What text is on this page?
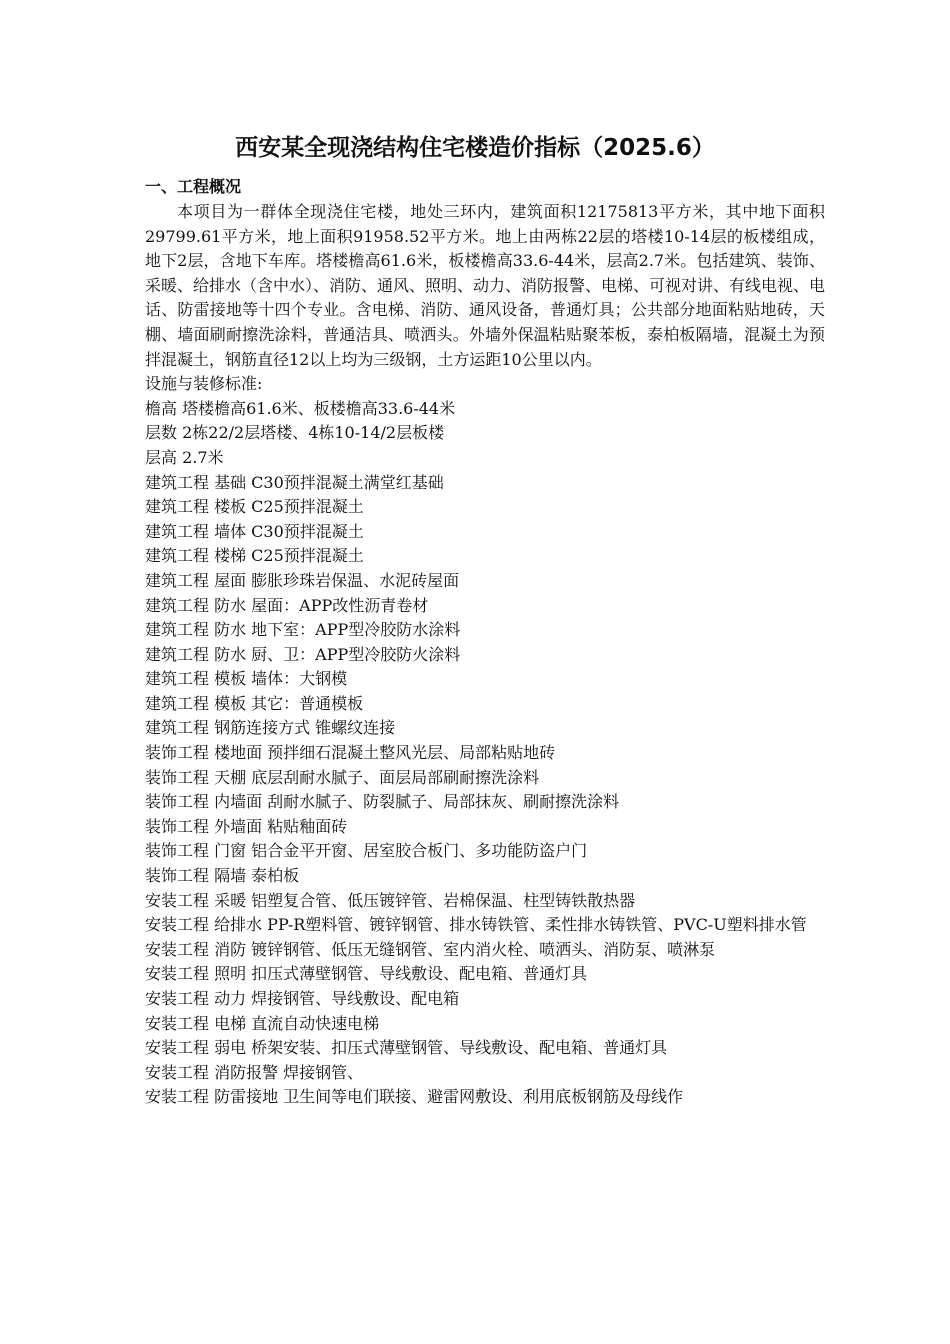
西安某全现浇结构住宅楼造价指标（2025.6）

一、工程概况

本项目为一群体全现浇住宅楼，地处三环内，建筑面积12175813平方米，其中地下面积29799.61平方米，地上面积91958.52平方米。地上由两栋22层的塔楼10-14层的板楼组成，地下2层，含地下车库。塔楼檐高61.6米，板楼檐高33.6-44米，层高2.7米。包括建筑、装饰、采暖、给排水（含中水）、消防、通风、照明、动力、消防报警、电梯、可视对讲、有线电视、电话、防雷接地等十四个专业。含电梯、消防、通风设备，普通灯具；公共部分地面粘贴地砖，天棚、墙面刷耐擦洗涂料，普通洁具、喷洒头。外墙外保温粘贴聚苯板，泰柏板隔墙，混凝土为预拌混凝土，钢筋直径12以上均为三级钢，土方运距10公里以内。

设施与装修标准:

檐高 塔楼檐高61.6米、板楼檐高33.6-44米

层数 2栋22/2层塔楼、4栋10-14/2层板楼

层高 2.7米

建筑工程 基础 C30预拌混凝土满堂红基础

建筑工程 楼板 C25预拌混凝土

建筑工程 墙体 C30预拌混凝土

建筑工程 楼梯 C25预拌混凝土

建筑工程 屋面 膨胀珍珠岩保温、水泥砖屋面

建筑工程 防水 屋面：APP改性沥青卷材

建筑工程 防水 地下室：APP型冷胶防水涂料

建筑工程 防水 厨、卫：APP型冷胶防火涂料

建筑工程 模板 墙体：大钢模

建筑工程 模板 其它：普通模板

建筑工程 钢筋连接方式 锥螺纹连接

装饰工程 楼地面 预拌细石混凝土整风光层、局部粘贴地砖

装饰工程 天棚 底层刮耐水腻子、面层局部刷耐擦洗涂料

装饰工程 内墙面 刮耐水腻子、防裂腻子、局部抹灰、刷耐擦洗涂料

装饰工程 外墙面 粘贴釉面砖

装饰工程 门窗 铝合金平开窗、居室胶合板门、多功能防盗户门

装饰工程 隔墙 泰柏板

安装工程 采暖 铝塑复合管、低压镀锌管、岩棉保温、柱型铸铁散热器

安装工程 给排水 PP-R塑料管、镀锌钢管、排水铸铁管、柔性排水铸铁管、PVC-U塑料排水管

安装工程 消防 镀锌钢管、低压无缝钢管、室内消火栓、喷洒头、消防泵、喷淋泵

安装工程 照明 扣压式薄壁钢管、导线敷设、配电箱、普通灯具

安装工程 动力 焊接钢管、导线敷设、配电箱

安装工程 电梯 直流自动快速电梯

安装工程 弱电 桥架安装、扣压式薄壁钢管、导线敷设、配电箱、普通灯具

安装工程 消防报警 焊接钢管、

安装工程 防雷接地 卫生间等电们联接、避雷网敷设、利用底板钢筋及母线作
